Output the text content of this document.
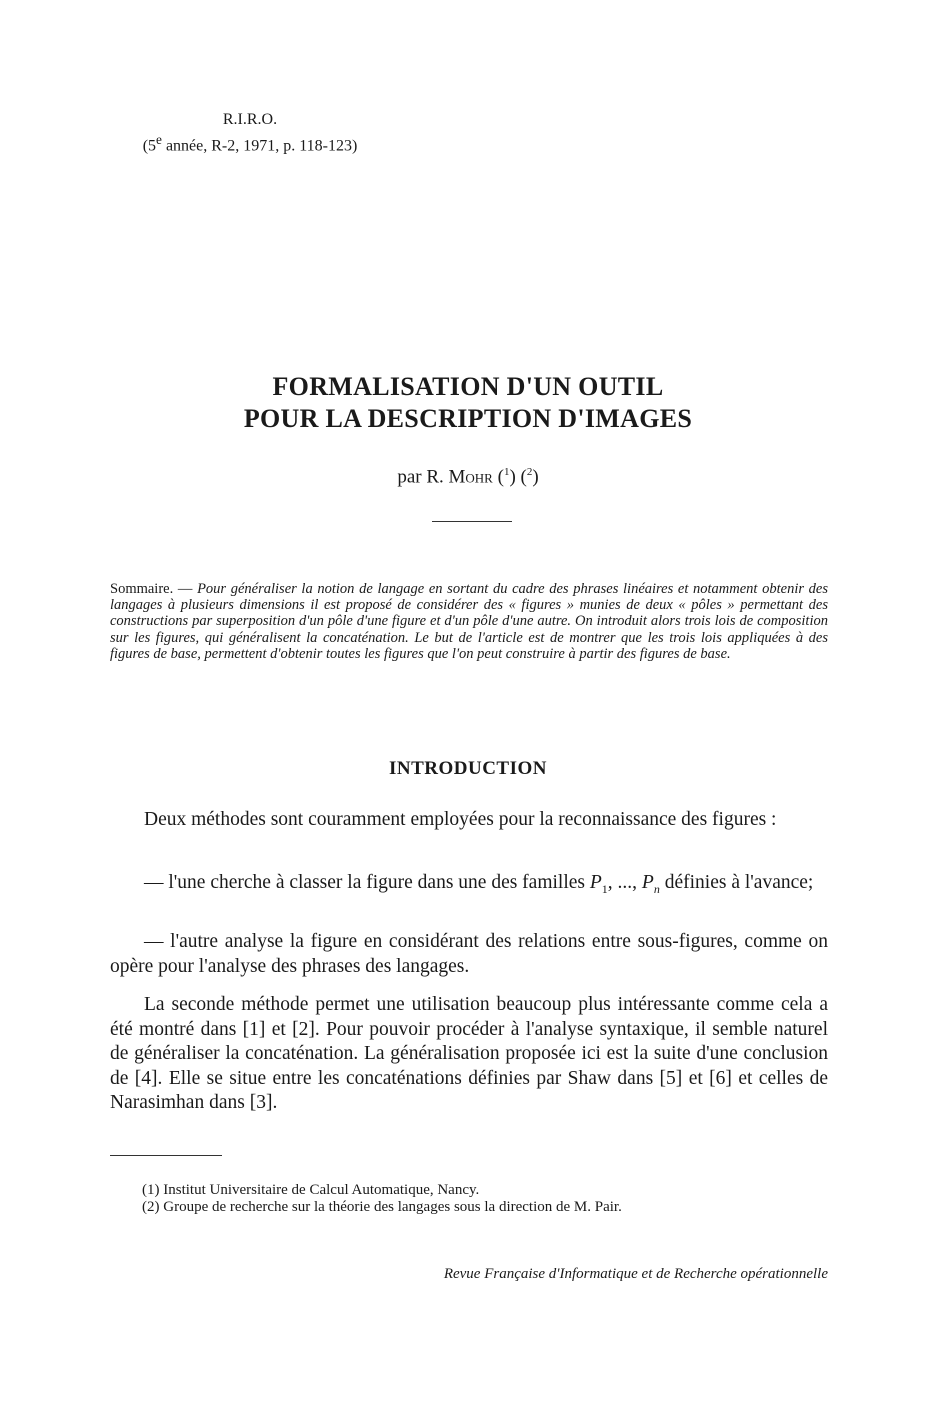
R.I.R.O.
(5e année, R-2, 1971, p. 118-123)
FORMALISATION D'UN OUTIL
POUR LA DESCRIPTION D'IMAGES
par R. Mohr ($^1$) ($^2$)
Sommaire. — Pour généraliser la notion de langage en sortant du cadre des phrases linéaires et notamment obtenir des langages à plusieurs dimensions il est proposé de considérer des « figures » munies de deux « pôles » permettant des constructions par superposition d'un pôle d'une figure et d'un pôle d'une autre. On introduit alors trois lois de composition sur les figures, qui généralisent la concaténation. Le but de l'article est de montrer que les trois lois appliquées à des figures de base, permettent d'obtenir toutes les figures que l'on peut construire à partir des figures de base.
INTRODUCTION
Deux méthodes sont couramment employées pour la reconnaissance des figures :
— l'une cherche à classer la figure dans une des familles $P_1$, ..., $P_n$ définies à l'avance;
— l'autre analyse la figure en considérant des relations entre sous-figures, comme on opère pour l'analyse des phrases des langages.
La seconde méthode permet une utilisation beaucoup plus intéressante comme cela a été montré dans [1] et [2]. Pour pouvoir procéder à l'analyse syntaxique, il semble naturel de généraliser la concaténation. La généralisation proposée ici est la suite d'une conclusion de [4]. Elle se situe entre les concaténations définies par Shaw dans [5] et [6] et celles de Narasimhan dans [3].
(1) Institut Universitaire de Calcul Automatique, Nancy.
(2) Groupe de recherche sur la théorie des langages sous la direction de M. Pair.
Revue Française d'Informatique et de Recherche opérationnelle
